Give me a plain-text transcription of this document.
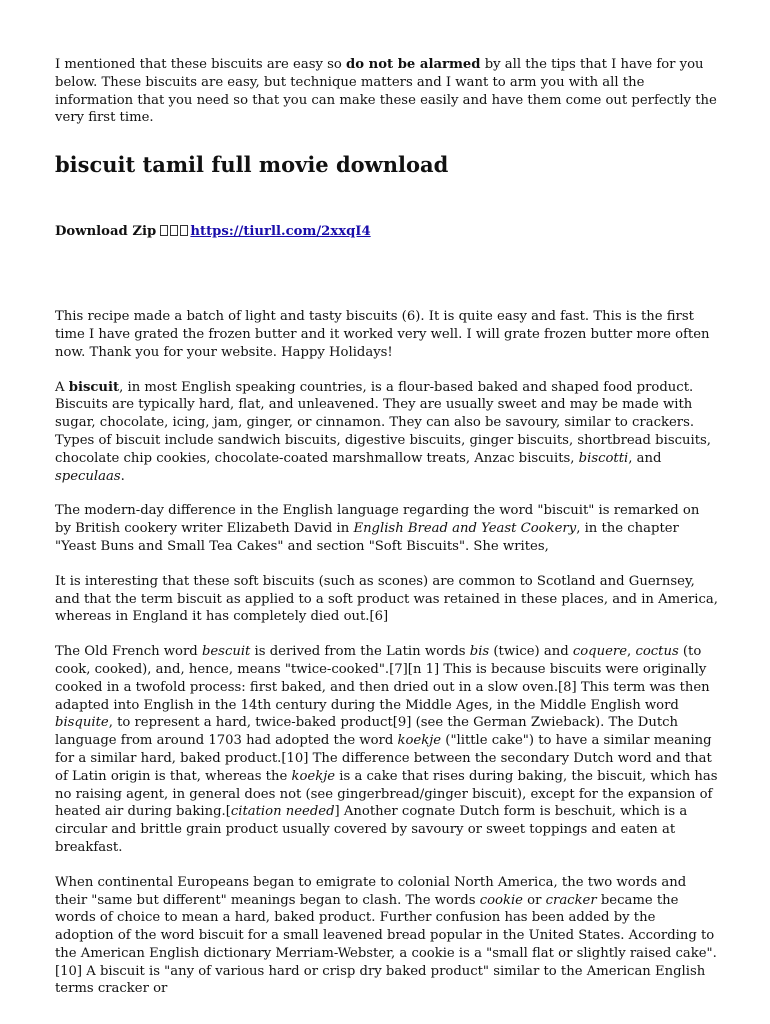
I mentioned that these biscuits are easy so do not be alarmed by all the tips that I have for you below. These biscuits are easy, but technique matters and I want to arm you with all the information that you need so that you can make these easily and have them come out perfectly the very first time.

biscuit tamil full movie download
Download Zip	https://tiurll.com/2xxqI4

This recipe made a batch of light and tasty biscuits (6). It is quite easy and fast. This is the first time I have grated the frozen butter and it worked very well. I will grate frozen butter more often now. Thank you for your website. Happy Holidays!

A biscuit, in most English speaking countries, is a flour-based baked and shaped food product. Biscuits are typically hard, flat, and unleavened. They are usually sweet and may be made with sugar, chocolate, icing, jam, ginger, or cinnamon. They can also be savoury, similar to crackers. Types of biscuit include sandwich biscuits, digestive biscuits, ginger biscuits, shortbread biscuits, chocolate chip cookies, chocolate-coated marshmallow treats, Anzac biscuits, biscotti, and speculaas.

The modern-day difference in the English language regarding the word "biscuit" is remarked on by British cookery writer Elizabeth David in English Bread and Yeast Cookery, in the chapter "Yeast Buns and Small Tea Cakes" and section "Soft Biscuits". She writes,

It is interesting that these soft biscuits (such as scones) are common to Scotland and Guernsey, and that the term biscuit as applied to a soft product was retained in these places, and in America, whereas in England it has completely died out.[6]

The Old French word bescuit is derived from the Latin words bis (twice) and coquere, coctus (to cook, cooked), and, hence, means "twice-cooked".[7][n 1] This is because biscuits were originally cooked in a twofold process: first baked, and then dried out in a slow oven.[8] This term was then adapted into English in the 14th century during the Middle Ages, in the Middle English word bisquite, to represent a hard, twice-baked product[9] (see the German Zwieback). The Dutch language from around 1703 had adopted the word koekje ("little cake") to have a similar meaning for a similar hard, baked product.[10] The difference between the secondary Dutch word and that of Latin origin is that, whereas the koekje is a cake that rises during baking, the biscuit, which has no raising agent, in general does not (see gingerbread/ginger biscuit), except for the expansion of heated air during baking.[citation needed] Another cognate Dutch form is beschuit, which is a circular and brittle grain product usually covered by savoury or sweet toppings and eaten at breakfast.

When continental Europeans began to emigrate to colonial North America, the two words and their "same but different" meanings began to clash. The words cookie or cracker became the words of choice to mean a hard, baked product. Further confusion has been added by the adoption of the word biscuit for a small leavened bread popular in the United States. According to the American English dictionary Merriam-Webster, a cookie is a "small flat or slightly raised cake".[10] A biscuit is "any of various hard or crisp dry baked product" similar to the American English terms cracker or
